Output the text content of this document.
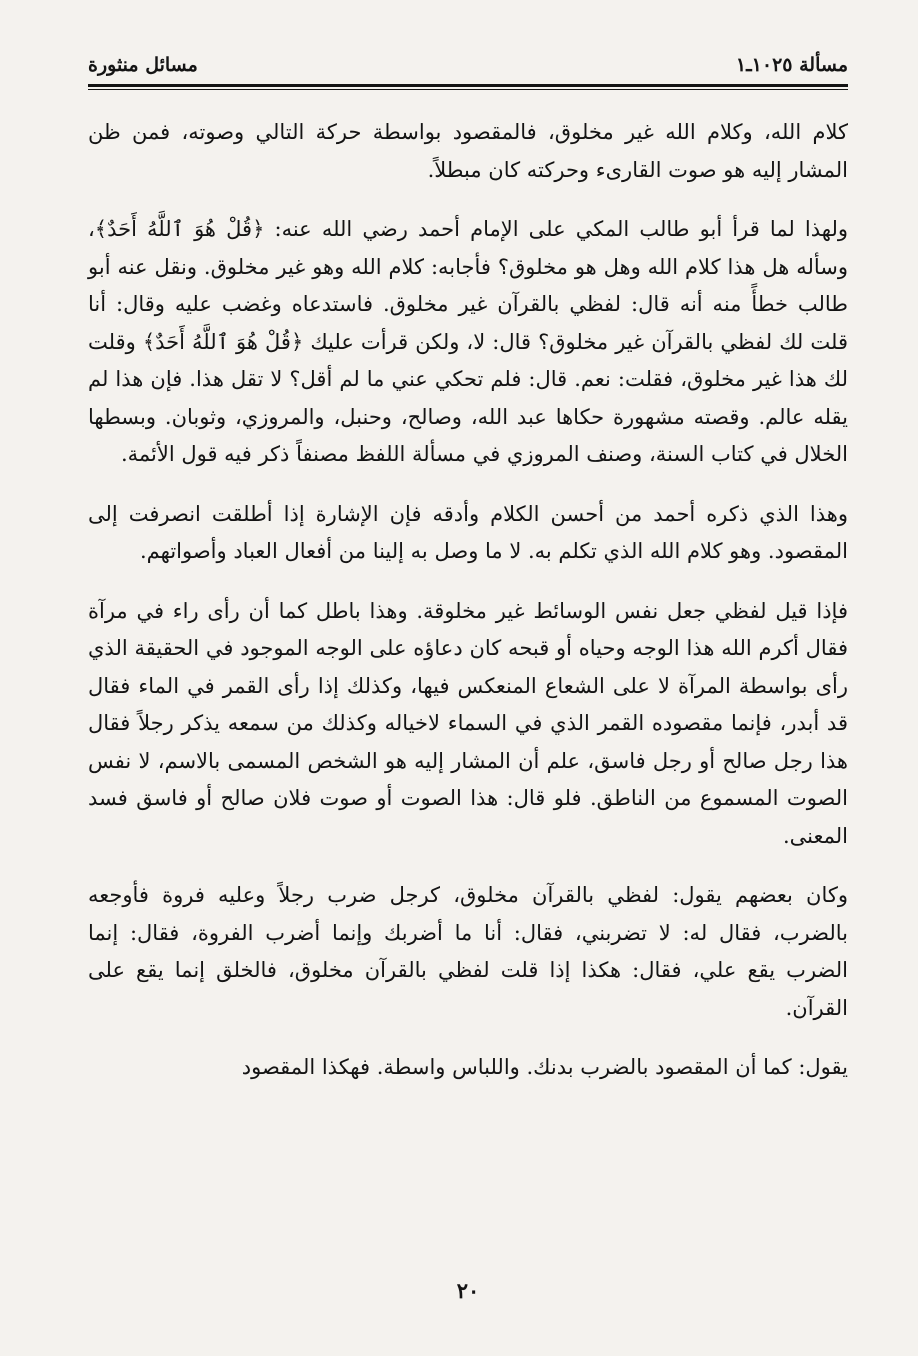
مسألة ١٠٢٥ـ١
مسائل منثورة

كلام الله، وكلام الله غير مخلوق، فالمقصود بواسطة حركة التالي وصوته، فمن ظن المشار إليه هو صوت القارىء وحركته كان مبطلاً.

ولهذا لما قرأ أبو طالب المكي على الإمام أحمد رضي الله عنه: ﴿قُلْ هُوَ ٱللَّهُ أَحَدٌ﴾، وسأله هل هذا كلام الله وهل هو مخلوق؟ فأجابه: كلام الله وهو غير مخلوق. ونقل عنه أبو طالب خطأً منه أنه قال: لفظي بالقرآن غير مخلوق. فاستدعاه وغضب عليه وقال: أنا قلت لك لفظي بالقرآن غير مخلوق؟ قال: لا، ولكن قرأت عليك ﴿قُلْ هُوَ ٱللَّهُ أَحَدٌ﴾ وقلت لك هذا غير مخلوق، فقلت: نعم. قال: فلم تحكي عني ما لم أقل؟ لا تقل هذا. فإن هذا لم يقله عالم. وقصته مشهورة حكاها عبد الله، وصالح، وحنبل، والمروزي، وثوبان. وبسطها الخلال في كتاب السنة، وصنف المروزي في مسألة اللفظ مصنفاً ذكر فيه قول الأئمة.

وهذا الذي ذكره أحمد من أحسن الكلام وأدقه فإن الإشارة إذا أطلقت انصرفت إلى المقصود. وهو كلام الله الذي تكلم به. لا ما وصل به إلينا من أفعال العباد وأصواتهم.

فإذا قيل لفظي جعل نفس الوسائط غير مخلوقة. وهذا باطل كما أن رأى راء في مرآة فقال أكرم الله هذا الوجه وحياه أو قبحه كان دعاؤه على الوجه الموجود في الحقيقة الذي رأى بواسطة المرآة لا على الشعاع المنعكس فيها، وكذلك إذا رأى القمر في الماء فقال قد أبدر، فإنما مقصوده القمر الذي في السماء لاخياله وكذلك من سمعه يذكر رجلاً فقال هذا رجل صالح أو رجل فاسق، علم أن المشار إليه هو الشخص المسمى بالاسم، لا نفس الصوت المسموع من الناطق. فلو قال: هذا الصوت أو صوت فلان صالح أو فاسق فسد المعنى.

وكان بعضهم يقول: لفظي بالقرآن مخلوق، كرجل ضرب رجلاً وعليه فروة فأوجعه بالضرب، فقال له: لا تضربني، فقال: أنا ما أضربك وإنما أضرب الفروة، فقال: إنما الضرب يقع علي، فقال: هكذا إذا قلت لفظي بالقرآن مخلوق، فالخلق إنما يقع على القرآن.

يقول: كما أن المقصود بالضرب بدنك. واللباس واسطة. فهكذا المقصود

٢٠
